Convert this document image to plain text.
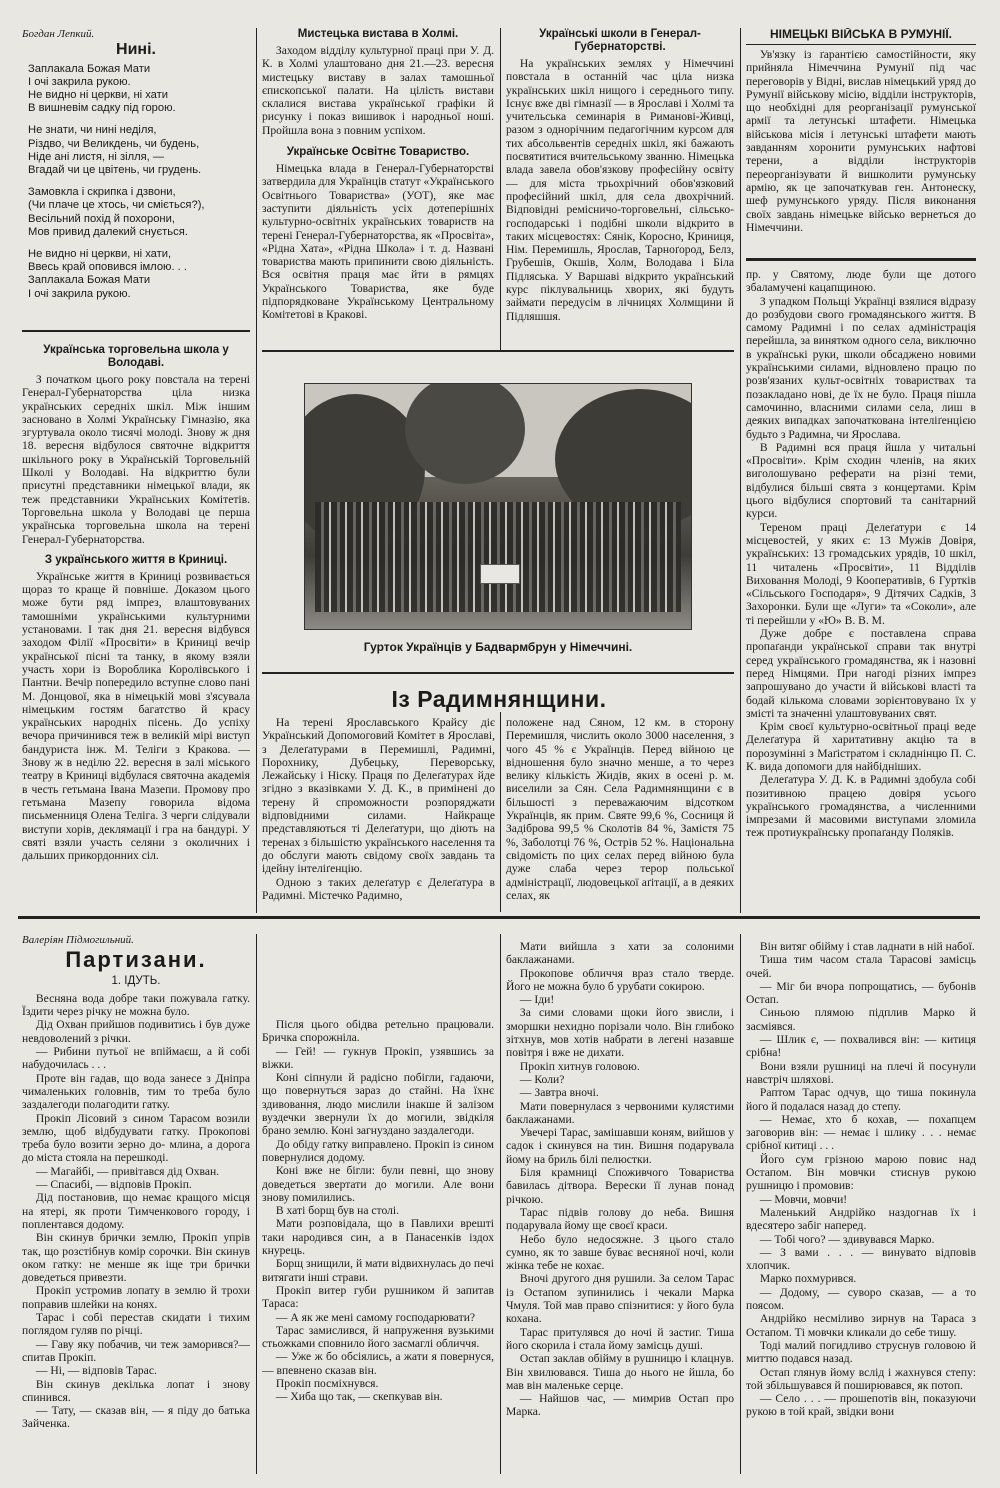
Богдан Лепкий.
Нині.
Заплакала Божая Мати
І очі закрила рукою.
Не видно ні церкви, ні хати
В вишневім садку під горою.
Не знати, чи нині неділя,
Різдво, чи Великдень, чи будень,
Ніде ані листя, ні зілля, —
Вгадай чи це цвітень, чи грудень.
Замовкла і скрипка і дзвони,
(Чи плаче це хтось, чи сміється?),
Весільний похід й похорони,
Мов привид далекий снується.
Не видно ні церкви, ні хати,
Ввесь край оповився імлою. . .
Заплакала Божая Мати
І очі закрила рукою.
Українська торговельна школа у Володаві.

З початком цього року повстала на терені Генерал-Губернаторства ціла низка українських середніх шкіл. Між іншим засновано в Холмі Українську Гімназію, яка згуртувала около тисячі молоді. Знову ж дня 18. вересня відбулося святочне відкриття шкільного року в Українській Торговельній Школі у Володаві. На відкриттю були присутні представники німецької влади, як теж представники Українських Комітетів. Торговельна школа у Володаві це перша українська торговельна школа на терені Генерал-Губернаторства.

З українського життя в Криниці.

Українське життя в Криниці розвивається щораз то краще й повніше. Доказом цього може бути ряд імпрез, влаштовуваних тамошніми українськими культурними установами. І так дня 21. вересня відбувся заходом Філії «Просвіти» в Криниці вечір української пісні та танку, в якому взяли участь хори із Вороблика Королівського і Пантни. Вечір попередило вступне слово пані М. Донцової, яка в німецькій мові з'ясувала німецьким гостям багатство й красу українських народніх пісень. До успіху вечора причинився теж в великій мірі виступ бандуриста інж. М. Теліги з Кракова. — Знову ж в неділю 22. вересня в залі міського театру в Криниці відбулася святочна академія в честь гетьмана Івана Мазепи. Промову про гетьмана Мазепу говорила відома письменниця Олена Теліга. З черги слідували виступи хорів, деклямації і гра на бандурі. У святі взяли участь селяни з околичних і дальших прикордонних сіл.

Мистецька виставa в Холмі.

Заходом відділу культурної праці при У. Д. К. в Холмі улаштовано дня 21.—23. вересня мистецьку виставу в залах тамошньої єпископської палати. На цілість вистави склалися вистава української графіки й рисунку і показ вишивок і народньої ноші. Пройшла вона з повним успіхом.

Українське Освітнє Товариство.

Німецька влада в Генерал-Губернаторстві затвердила для Українців статут «Українського Освітнього Товариства» (УОТ), яке має заступити діяльність усіх дотеперішніх культурно-освітніх українських товариств на терені Генерал-Губернаторства, як «Просвіта», «Рідна Хата», «Рідна Школа» і т. д. Названі товариства мають припинити свою діяльність. Вся освітня праця має йти в рямцях Українського Товариства, яке буде підпорядковане Українському Центральному Комітетові в Кракові.

Українські школи в Генерал-Губернаторстві.

На українських землях у Німеччині повстала в останній час ціла низка українських шкіл нищого і середнього типу. Існує вже дві гімназії — в Ярославі і Холмі та учительська семинарія в Риманові-Живці, разом з однорічним педагогічним курсом для тих абсольвентів середніх шкіл, які бажають посвятитися вчительському званню. Німецька влада завела обов'язкову професійну освіту — для міста трьохрічний обов'язковий професійний шкіл, для села двохрічний. Відповідні ремісничо-торговельні, сільсько-господарські і подібні школи відкрито в таких місцевостях: Сянік, Коросно, Криниця, Нім. Перемишль, Ярослав, Тарноґород, Белз, Грубешів, Окшів, Холм, Володава і Біла Підляська. У Варшаві відкрито український курс піклувальниць хворих, які будуть займати передусім в лічницях Холмщини й Підляшшя.

НІМЕЦЬКІ ВІЙСЬКА В РУМУНІЇ.

Ув'язку із ґарантією самостійности, яку прийняла Німеччина Румунії під час переговорів у Відні, вислав німецький уряд до Румунії військову місію, відділи інструкторів, що необхідні для реорганізації румунської армії та летунські штафети. Німецька військова місія і летунські штафети мають завданням хоронити румунських нафтові терени, а відділи інструкторів переорганізувати й вишколити румунську армію, як це започаткував ген. Антонеску, шеф румунського уряду. Після виконання своїх завдань німецьке військо вернеться до Німеччини.

Гурток Українців у Бадвармбрун у Німеччині.
Із Радимнянщини.

На терені Ярославського Крайсу діє Український Допомоговий Комітет в Ярославі, з Делеґатурами в Перемишлі, Радимні, Порохнику, Дубецьку, Переворську, Лежайську і Ніску. Праця по Делеґатурах йде згідно з вказівками У. Д. К., в примінені до терену й спроможности розпоряджати відповідними силами. Найкраще представляються ті Делеґатури, що діють на теренах з більшістю українського населення та до обслуги мають свідому своїх завдань та ідейну інтеліґенцію.

Одною з таких делеґатур є Делеґатура в Радимні. Містечко Радимно,

положене над Сяном, 12 км. в сторону Перемишля, числить около 3000 населення, з чого 45 % є Українців. Перед війною це відношення було значно менше, а то через велику кількість Жидів, яких в осені р. м. виселили за Сян. Села Радимнянщини є в більшості з переважаючим відсотком Українців, як прим. Святе 99,6 %, Сосниця й Задіброва 99,5 % Сколотів 84 %, Замістя 75 %, Заболотці 76 %, Острів 52 %. Національна свідомість по цих селах перед війною була дуже слаба через терор польської адміністрації, людовецької аґітації, а в деяких селах, як

пр. у Святому, люде були ще дотого збаламучені кацапщиною.

З упадком Польщі Українці взялися відразу до розбудови свого громадянського життя. В самому Радимні і по селах адміністрація перейшла, за винятком одного села, виключно в українські руки, школи обсаджено новими українськими силами, відновлено працю по розв'язаних культ-освітніх товариствах та позакладано нові, де їх не було. Праця пішла самочинно, власними силами села, лиш в деяких випадках започаткована інтеліґенцією будьто з Радимна, чи Ярослава.

В Радимні вся праця йшла у читальні «Просвіти». Крім сходин членів, на яких виголошувано реферати на різні теми, відбулися більші свята з концертами. Крім цього відбулися спортовий та санітарний курси.

Тереном праці Делеґатури є 14 місцевостей, у яких є: 13 Мужів Довіря, українських: 13 громадських урядів, 10 шкіл, 11 читалень «Просвіти», 11 Відділів Виховання Молоді, 9 Кооперативів, 6 Гуртків «Сільського Господаря», 9 Дітячих Садків, 3 Захоронки. Були ще «Луги» та «Соколи», але ті перейшли у «Ю» В. В. М.

Дуже добре є поставлена справа пропаґанди української справи так внутрі серед українського громадянства, як і назовні перед Німцями. При нагоді різних імпрез запрошувано до участи й військові власті та бодай кількома словами зорієнтовувано їх у змісті та значенні улаштовуваних свят.

Крім своєї культурно-освітньої праці веде Делеґатура й харитативну акцію та в порозумінні з Маґістратом і складнінцю П. С. К. вида допомоги для найбідніших.

Делеґатура У. Д. К. в Радимні здобула собі позитивною працею довіря усього українського громадянства, а численними імпрезами й масовими виступами зломила теж протиукраїнську пропаґанду Поляків.

Валеріян Підмогильний.
Партизани.
1. ІДУТЬ.

Весняна вода добре таки пожувала гатку. Їздити через річку не можна було.

Дід Охван прийшов подивитись і був дуже невдоволений з річки.

— Рибини путьої не впіймаєш, а й собі набудочилась . . .

Проте він гадав, що вода занесе з Дніпра чималеньких головнів, тим то треба було заздалегоди полагодити гатку.

Прокіп Лісовий з сином Тарасом возили землю, щоб відбудувати гатку. Прокопові треба було возити зерно до- млина, а дорога до міста стояла на перешкоді.

— Магайбі, — привітався дід Охван.

— Спасибі, — відповів Прокіп.

Дід постановив, що немає кращого місця на ятері, як проти Тимченкового городу, і поплентався додому.

Він скинув брички землю, Прокіп упрів так, що розстібнув комір сорочки. Він скинув оком гатку: не менше як іще три брички доведеться привезти.

Прокіп устромив лопату в землю й трохи поправив шлейки на конях.

Тарас і собі перестав скидати і тихим поглядом гуляв по річці.

— Гаву яку побачив, чи теж заморився?— спитав Прокіп.

— Ні, — відповів Тарас.

Він скинув декілька лопат і знову спинився.

— Тату, — сказав він, — я піду до батька Зайченка.

Після цього обідва ретельно працювали. Бричка спорожніла.

— Гей! — гукнув Прокіп, узявшись за віжки.

Коні сіпнули й радісно побігли, гадаючи, що повернуться зараз до стайні. На їхнє здивовання, людо мислили інакше й залізом вуздечки звернули їх до могили, звідкіля брано землю. Коні загнуздано заздалегоди.

До обіду гатку виправлено. Прокіп із сином повернулися додому.

Коні вже не бігли: були певні, що знову доведеться звертати до могили. Але вони знову помилились.

В хаті борщ був на столі.

Мати розповідала, що в Павлихи врешті таки народився син, а в Панасенків іздох кнурець.

Борщ знищили, й мати відвихнулась до печі витягати інші страви.

Прокіп витер губи рушником й запитав Тараса:

— А як же мені самому господарювати?

Тарас замислився, й напруження вузькими стьожками сповнило його засмаглі обличчя.

— Уже ж бо обсіялись, а жати я повернуся, — впевнено сказав він.

Прокіп посміхнувся.

— Хиба що так, — скепкував він.

Мати вийшла з хати за солоними баклажанами.

Прокопове обличчя враз стало тверде. Його не можна було б урубати сокирою.

— Іди!

За сими словами щоки його звисли, і зморшки нехидно порізали чоло. Він глибоко зітхнув, мов хотів набрати в легені назавше повітря і вже не дихати.

Прокіп хитнув головою.

— Коли?

— Завтра вночі.

Мати повернулася з червоними кулястими баклажанами.

Увечері Тарас, замішавши коням, вийшов у садок і скинувся на тин. Вишня подарувала йому на бриль білі пелюстки.

Біля крамниці Споживчого Товариства бавилась дітвора. Верески її лунав понад річкою.

Тарас підвів голову до неба. Вишня подарувала йому ще своєї краси.

Небо було недосяжне. З цього стало сумно, як то завше буває весняної ночі, коли жінка тебе не кохає.

Вночі другого дня рушили. За селом Тарас із Остапом зупинились і чекали Марка Чмуля. Той мав право спізнитися: у його була кохана.

Тарас притулявся до ночі й застиг. Тиша його скорила і стала йому замісць душі.

Остап заклав обійму в рушницю і клацнув. Він хвилювався. Тиша до нього не йшла, бо мав він маленьке серце.

— Найшов час, — мимрив Остап про Марка.

Він витяг обійму і став ладнати в ній набої.

Тиша тим часом стала Тарасові замісць очей.

— Міг би вчора попрощатись, — бубонів Остап.

Синьою плямою підплив Марко й засміявся.

— Шлик є, — похвалився він: — китиця срібна!

Вони взяли рушниці на плечі й посунули навстріч шляхові.

Раптом Тарас одчув, що тиша покинула його й подалася назад до степу.

— Немає, хто б кохав, — похапцем заговорив він: — немає і шлику . . . немає срібної китиці . . .

Його сум грізною марою повис над Остапом. Він мовчки стиснув рукою рушницю і промовив:

— Мовчи, мовчи!

Маленький Андрійко наздогнав їх і вдесятеро забіг наперед.

— Тобі чого? — здивувався Марко.

— З вами . . . — винувато відповів хлопчик.

Марко похмурився.

— Додому, — суворо сказав, — а то поясом.

Андрійко несміливо зирнув на Тараса з Остапом. Ті мовчки кликали до себе тишу.

Тоді малий погидливо струснув головою й миттю подався назад.

Остап глянув йому вслід і жахнувся степу: той збільшувався й поширювався, як потоп.

— Село . . . — прошепотів він, показуючи рукою в той край, звідки вони
